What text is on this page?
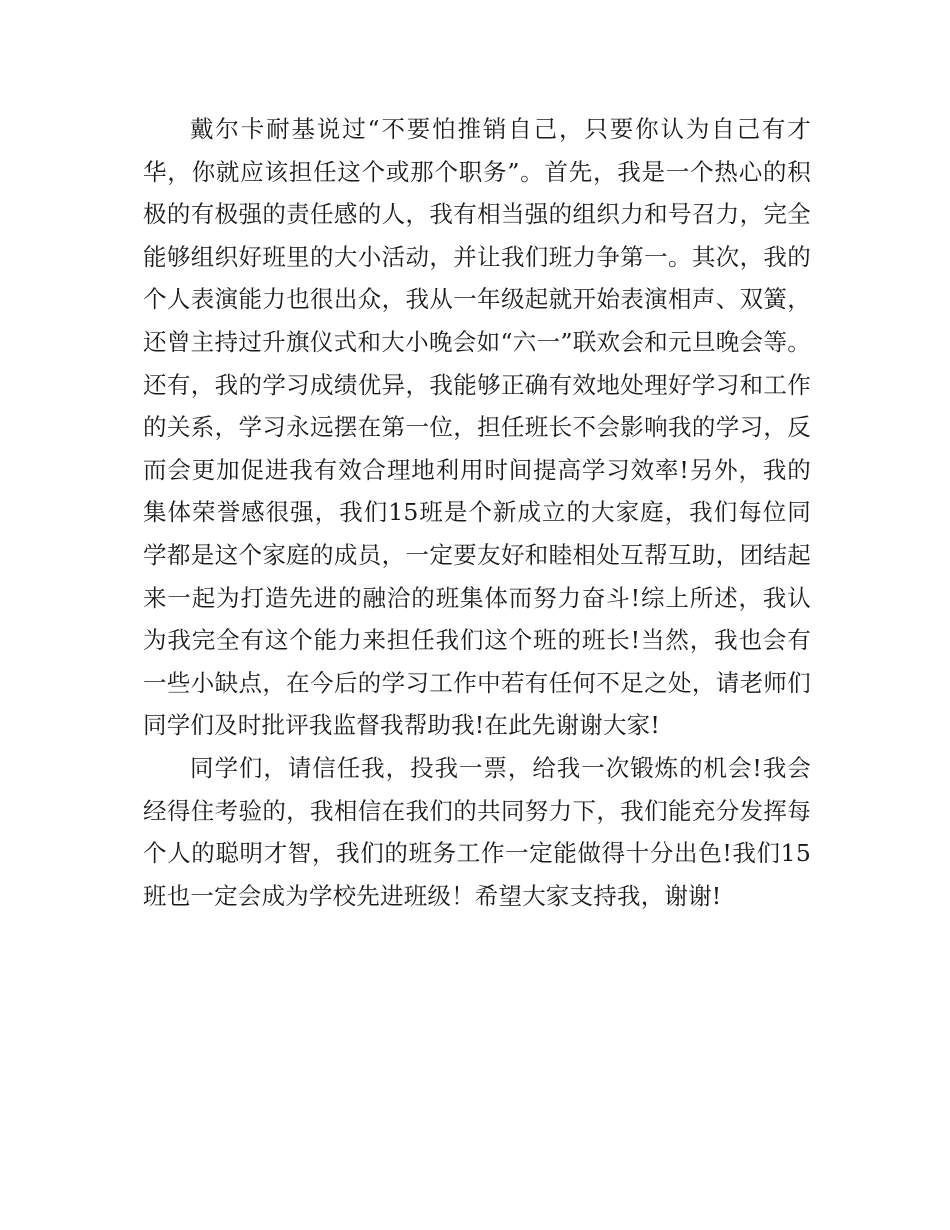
戴尔卡耐基说过“不要怕推销自己，只要你认为自己有才华，你就应该担任这个或那个职务”。首先，我是一个热心的积极的有极强的责任感的人，我有相当强的组织力和号召力，完全能够组织好班里的大小活动，并让我们班力争第一。其次，我的个人表演能力也很出众，我从一年级起就开始表演相声、双簧，还曾主持过升旗仪式和大小晚会如“六一”联欢会和元旦晚会等。还有，我的学习成绩优异，我能够正确有效地处理好学习和工作的关系，学习永远摆在第一位，担任班长不会影响我的学习，反而会更加促进我有效合理地利用时间提高学习效率!另外，我的集体荣誉感很强，我们15班是个新成立的大家庭，我们每位同学都是这个家庭的成员，一定要友好和睦相处互帮互助，团结起来一起为打造先进的融洽的班集体而努力奋斗!综上所述，我认为我完全有这个能力来担任我们这个班的班长!当然，我也会有一些小缺点，在今后的学习工作中若有任何不足之处，请老师们同学们及时批评我监督我帮助我!在此先谢谢大家!

同学们，请信任我，投我一票，给我一次锻炼的机会!我会经得住考验的，我相信在我们的共同努力下，我们能充分发挥每个人的聪明才智，我们的班务工作一定能做得十分出色!我们15班也一定会成为学校先进班级！希望大家支持我，谢谢!
